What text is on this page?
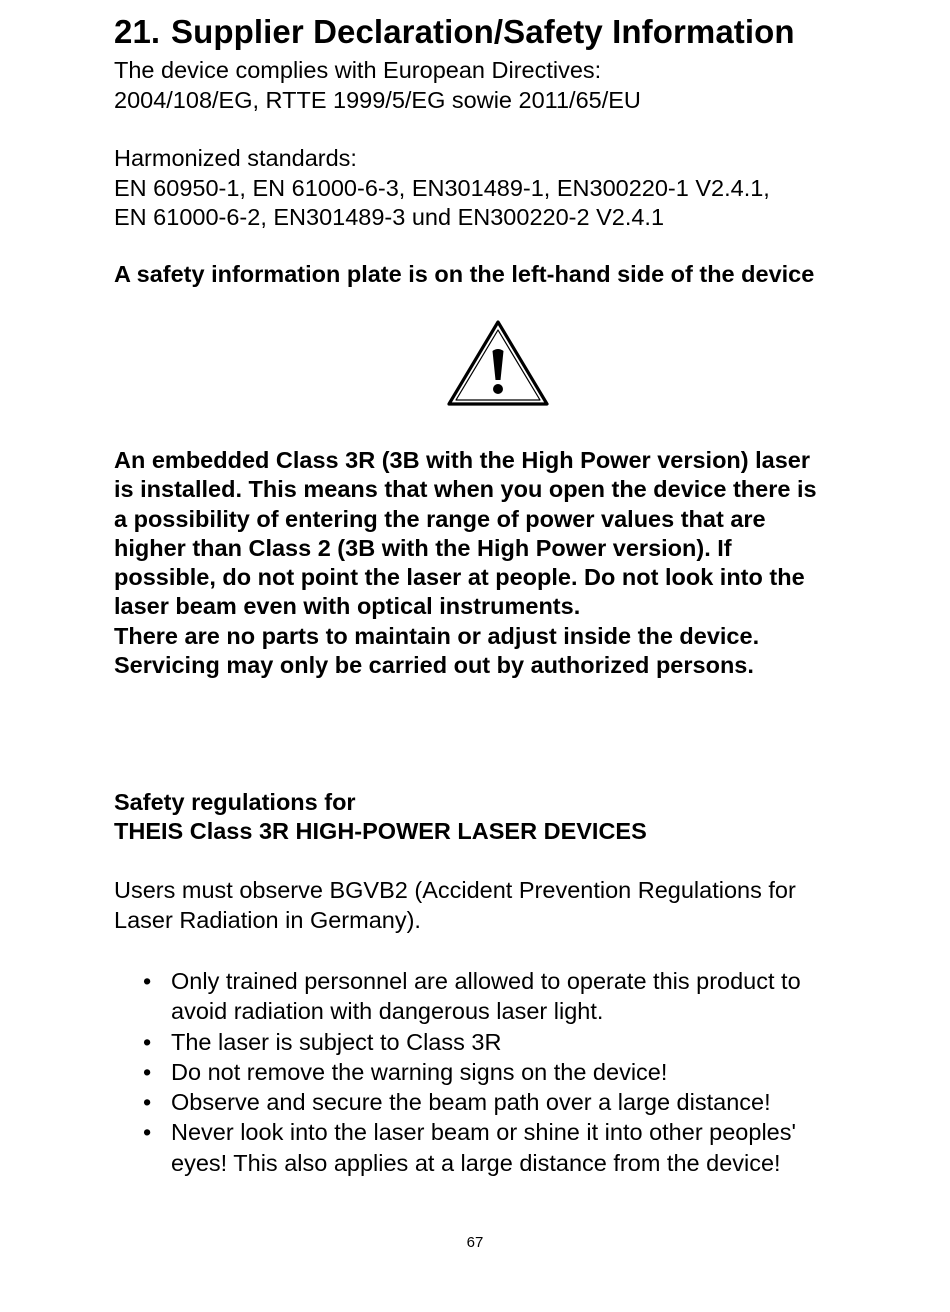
21. Supplier Declaration/Safety Information
The device complies with European Directives:
2004/108/EG, RTTE 1999/5/EG sowie 2011/65/EU
Harmonized standards:
EN 60950-1, EN 61000-6-3, EN301489-1, EN300220-1 V2.4.1,
EN 61000-6-2, EN301489-3 und EN300220-2 V2.4.1
A safety information plate is on the left-hand side of the device
An embedded Class 3R (3B with the High Power version) laser
is installed. This means that when you open the device there is
a possibility of entering the range of power values that are
higher than Class 2 (3B with the High Power version). If
possible, do not point the laser at people. Do not look into the
laser beam even with optical instruments.
There are no parts to maintain or adjust inside the device.
Servicing may only be carried out by authorized persons.
Safety regulations for
THEIS Class 3R HIGH-POWER LASER DEVICES
Users must observe BGVB2 (Accident Prevention Regulations for
Laser Radiation in Germany).
• Only trained personnel are allowed to operate this product to
avoid radiation with dangerous laser light.
• The laser is subject to Class 3R
• Do not remove the warning signs on the device!
• Observe and secure the beam path over a large distance!
• Never look into the laser beam or shine it into other peoples'
eyes! This also applies at a large distance from the device!
67
